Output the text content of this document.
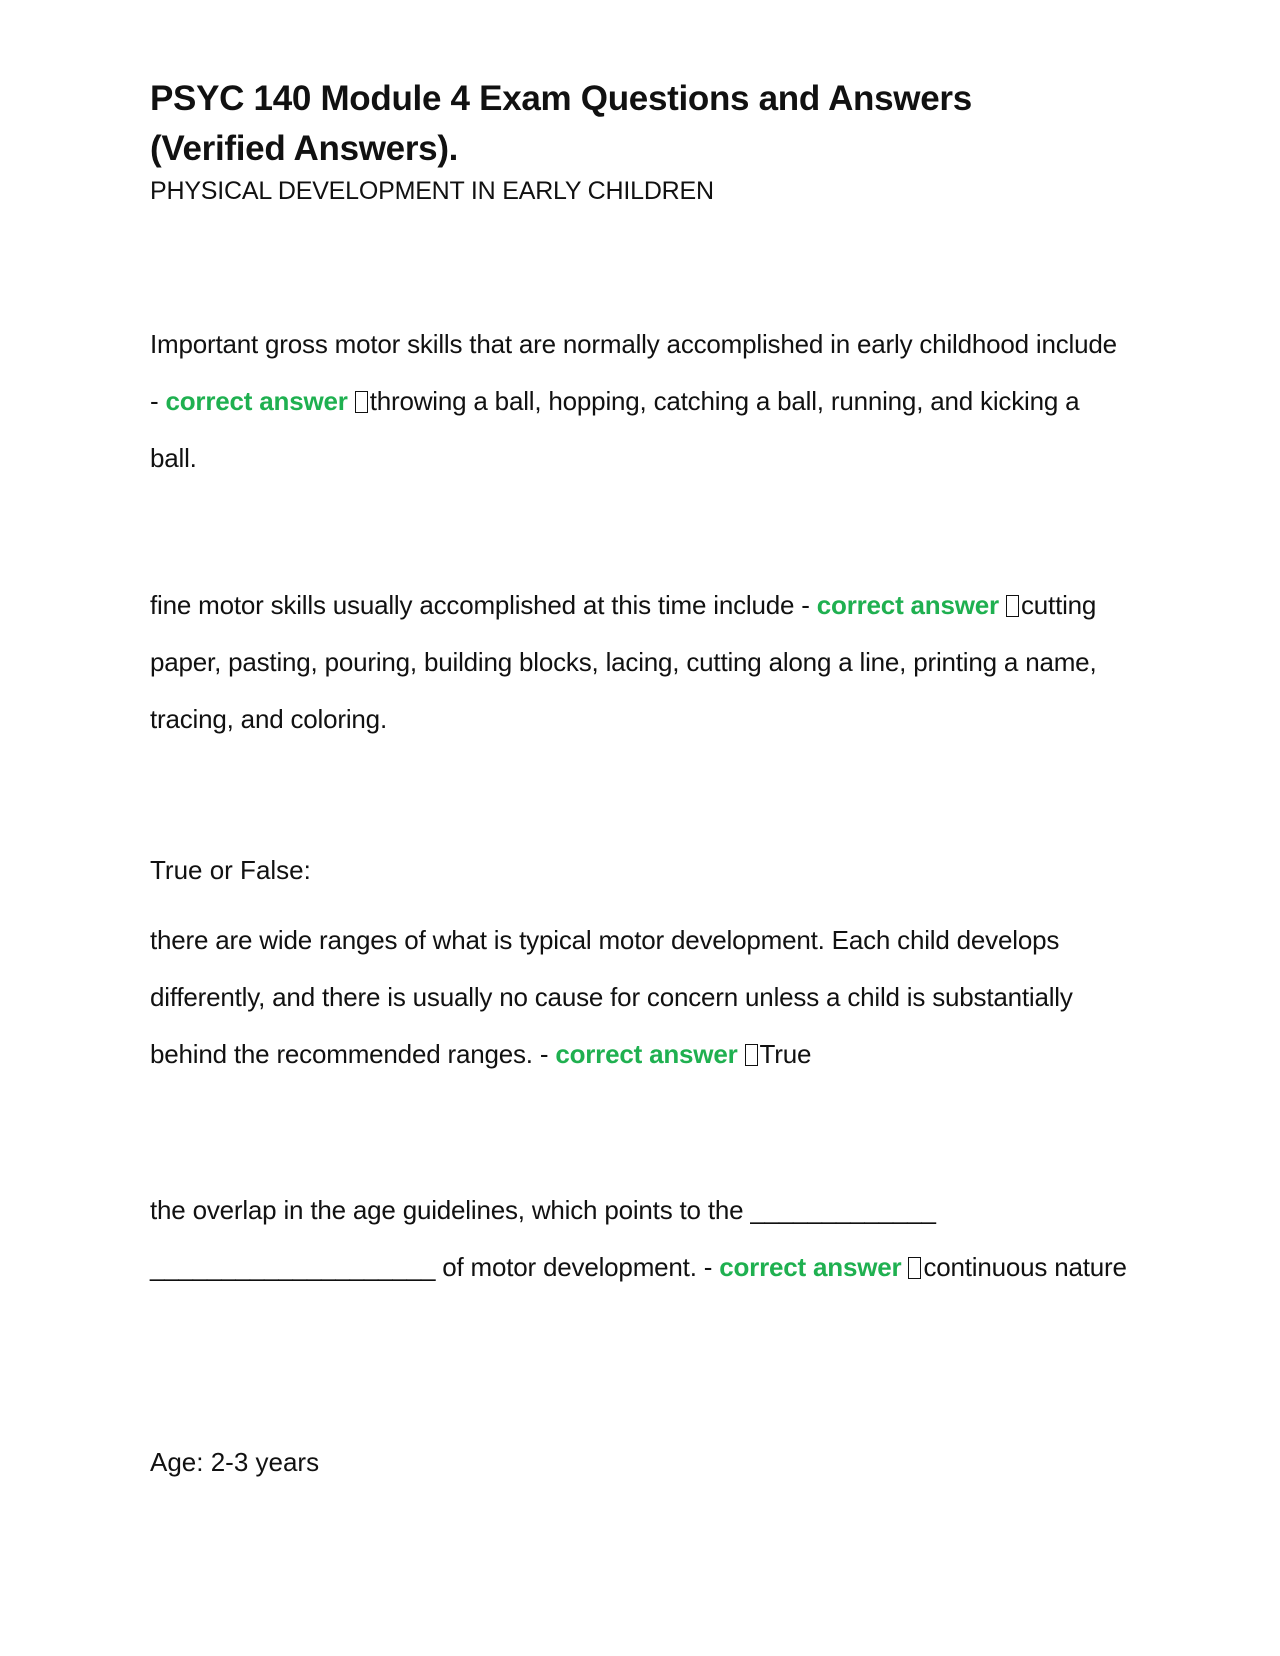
PSYC 140 Module 4 Exam Questions and Answers
(Verified Answers).

PHYSICAL DEVELOPMENT IN EARLY CHILDREN

Important gross motor skills that are normally accomplished in early childhood include - correct answer throwing a ball, hopping, catching a ball, running, and kicking a ball.

fine motor skills usually accomplished at this time include - correct answer cutting paper, pasting, pouring, building blocks, lacing, cutting along a line, printing a name, tracing, and coloring.

True or False:

there are wide ranges of what is typical motor development. Each child develops differently, and there is usually no cause for concern unless a child is substantially behind the recommended ranges. - correct answer True

the overlap in the age guidelines, which points to the _____________ ____________________ of motor development. - correct answer continuous nature

Age: 2-3 years
